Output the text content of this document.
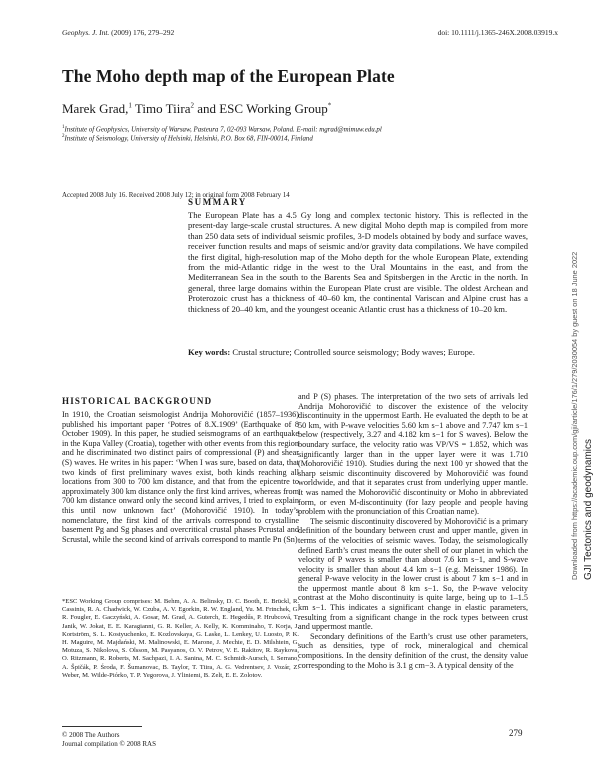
Geophys. J. Int. (2009) 176, 279–292	doi: 10.1111/j.1365-246X.2008.03919.x
The Moho depth map of the European Plate
Marek Grad,$^1$ Timo Tiira$^2$ and ESC Working Group*
$^1$Institute of Geophysics, University of Warsaw, Pasteura 7, 02-093 Warsaw, Poland. E-mail: mgrad@mimuw.edu.pl
$^2$Institute of Seismology, University of Helsinki, Helsinki, P.O. Box 68, FIN-00014, Finland
Accepted 2008 July 16. Received 2008 July 12; in original form 2008 February 14
SUMMARY
The European Plate has a 4.5 Gy long and complex tectonic history. This is reflected in the present-day large-scale crustal structures. A new digital Moho depth map is compiled from more than 250 data sets of individual seismic profiles, 3-D models obtained by body and surface waves, receiver function results and maps of seismic and/or gravity data compilations. We have compiled the first digital, high-resolution map of the Moho depth for the whole European Plate, extending from the mid-Atlantic ridge in the west to the Ural Mountains in the east, and from the Mediterranean Sea in the south to the Barents Sea and Spitsbergen in the Arctic in the north. In general, three large domains within the European Plate crust are visible. The oldest Archean and Proterozoic crust has a thickness of 40–60 km, the continental Variscan and Alpine crust has a thickness of 20–40 km, and the youngest oceanic Atlantic crust has a thickness of 10–20 km.
Key words: Crustal structure; Controlled source seismology; Body waves; Europe.
HISTORICAL BACKGROUND

In 1910, the Croatian seismologist Andrija Mohorovičić (1857–1936) published his important paper ‘Potres of 8.X.1909’ (Earthquake of 8 October 1909). In this paper, he studied seismograms of an earthquake in the Kupa Valley (Croatia), together with other events from this region and he discriminated two distinct pairs of compressional (P) and shear (S) waves. He writes in his paper: ‘When I was sure, based on data, that two kinds of first preliminary waves exist, both kinds reaching all locations from 300 to 700 km distance, and that from the epicentre to approximately 300 km distance only the first kind arrives, whereas from 700 km distance onward only the second kind arrives, I tried to explain this until now unknown fact’ (Mohorovičić 1910). In today’s nomenclature, the first kind of the arrivals correspond to crystalline basement Pg and Sg phases and overcritical crustal phases Pcrustal and Scrustal, while the second kind of arrivals correspond to mantle Pn (Sn)

and P (S) phases. The interpretation of the two sets of arrivals led Andrija Mohorovičić to discover the existence of the velocity discontinuity in the uppermost Earth. He evaluated the depth to be at 50 km, with P-wave velocities 5.60 km s−1 above and 7.747 km s−1 below (respectively, 3.27 and 4.182 km s−1 for S waves). Below the boundary surface, the velocity ratio was VP/VS = 1.852, which was significantly larger than in the upper layer were it was 1.710 (Mohorovičić 1910). Studies during the next 100 yr showed that the sharp seismic discontinuity discovered by Mohorovičić was found worldwide, and that it separates crust from underlying upper mantle. It was named the Mohorovičić discontinuity or Moho in abbreviated form, or even M-discontinuity (for lazy people and people having problem with the pronunciation of this Croatian name).

The seismic discontinuity discovered by Mohorovičić is a primary definition of the boundary between crust and upper mantle, given in terms of the velocities of seismic waves. Today, the seismologically defined Earth’s crust means the outer shell of our planet in which the velocity of P waves is smaller than about 7.6 km s−1, and S-wave velocity is smaller than about 4.4 km s−1 (e.g. Meissner 1986). In general P-wave velocity in the lower crust is about 7 km s−1 and in the uppermost mantle about 8 km s−1. So, the P-wave velocity contrast at the Moho discontinuity is quite large, being up to 1–1.5 km s−1. This indicates a significant change in elastic parameters, resulting from a significant change in the rock types between crust and uppermost mantle.

Secondary definitions of the Earth’s crust use other parameters, such as densities, type of rock, mineralogical and chemical compositions. In the density definition of the crust, the density value corresponding to the Moho is 3.1 g cm−3. A typical density of the

*ESC Working Group comprises: M. Behm, A. A. Belinsky, D. C. Booth, E. Brückl, R. Cassinis, R. A. Chadwick, W. Czuba, A. V. Egorkin, R. W. England, Yu. M. Frinchek, G. R. Fougler, E. Gaczyński, A. Gosar, M. Grad, A. Guterch, E. Hegedűs, P. Hrubcová, T. Janik, W. Jokat, E. E. Karagianni, G. R. Keller, A. Kelly, K. Komminaho, T. Korja, J. Kortström, S. L. Kostyuchenko, E. Kozlovskaya, G. Laske, L. Lenkey, U. Luosto, P. K. H. Maguire, M. Majdański, M. Malinowski, E. Marone, J. Mechie, E. D. Milshtein, G. Motuza, S. Nikolova, S. Olsson, M. Pasyanos, O. V. Petrov, V. E. Rakitov, R. Raykova, O. Ritzmann, R. Roberts, M. Sachpazi, I. A. Sanina, M. C. Schmidt-Aursch, I. Serrano, A. Špičák, P. Środa, F. Šumanovac, B. Taylor, T. Tiira, A. G. Vedrentsev, J. Vozár, Z. Weber, M. Wilde-Piórko, T. P. Yegorova, J. Yliniemi, B. Zelt, E. E. Zolotov.
© 2008 The Authors
Journal compilation © 2008 RAS
279
Downloaded from https://academic.oup.com/gji/article/176/1/279/2030054 by guest on 18 June 2022 GJI Tectonics and geodynamics
